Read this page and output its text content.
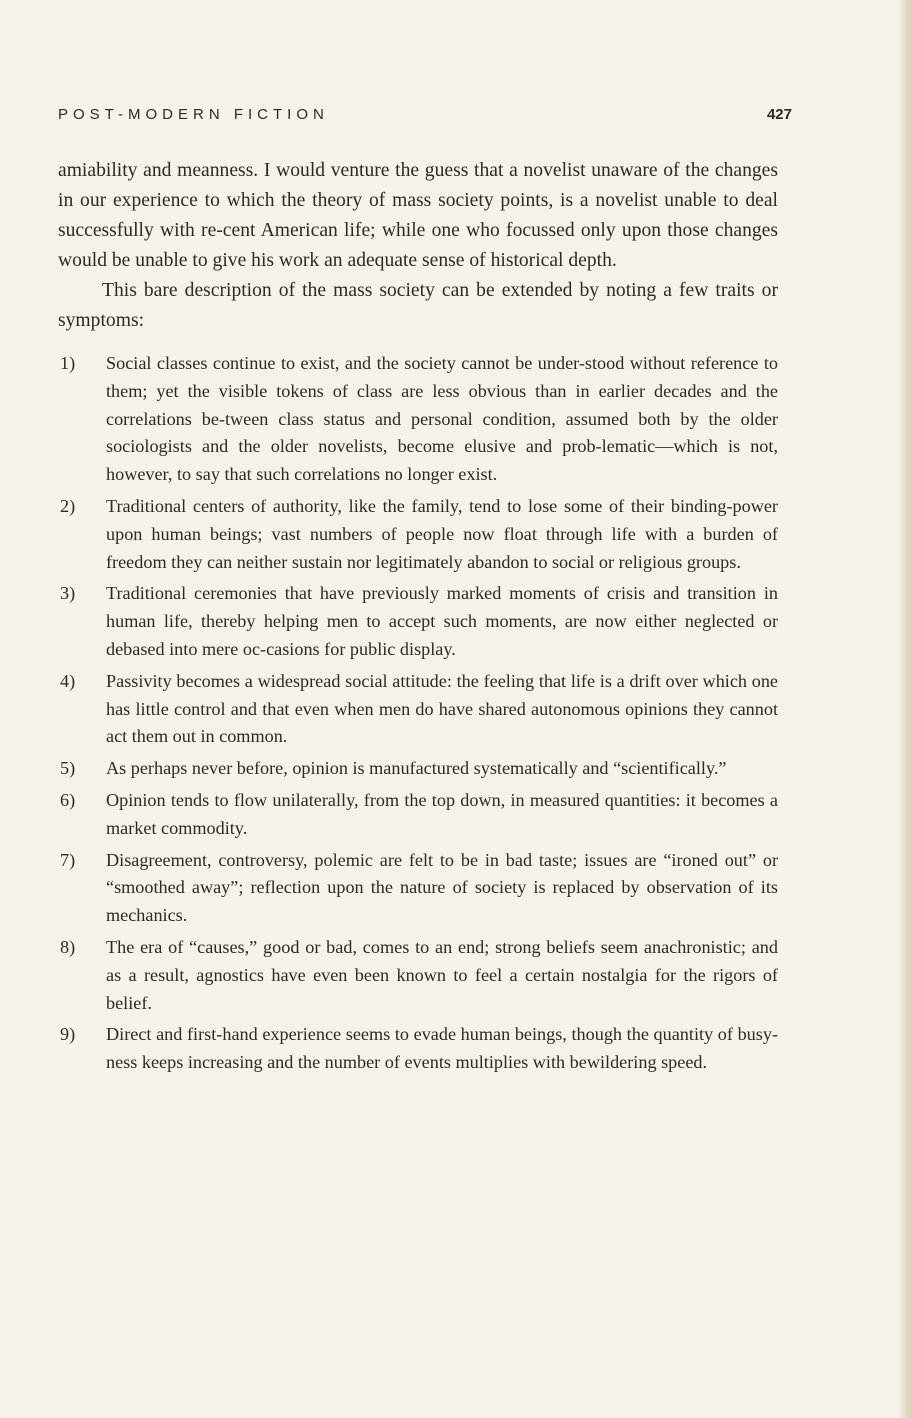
POST-MODERN FICTION	427

amiability and meanness. I would venture the guess that a novelist unaware of the changes in our experience to which the theory of mass society points, is a novelist unable to deal successfully with re-cent American life; while one who focussed only upon those changes would be unable to give his work an adequate sense of historical depth.

This bare description of the mass society can be extended by noting a few traits or symptoms:

1)	Social classes continue to exist, and the society cannot be under-stood without reference to them; yet the visible tokens of class are less obvious than in earlier decades and the correlations be-tween class status and personal condition, assumed both by the older sociologists and the older novelists, become elusive and prob-lematic—which is not, however, to say that such correlations no longer exist.
2)	Traditional centers of authority, like the family, tend to lose some of their binding-power upon human beings; vast numbers of people now float through life with a burden of freedom they can neither sustain nor legitimately abandon to social or religious groups.
3)	Traditional ceremonies that have previously marked moments of crisis and transition in human life, thereby helping men to accept such moments, are now either neglected or debased into mere oc-casions for public display.
4)	Passivity becomes a widespread social attitude: the feeling that life is a drift over which one has little control and that even when men do have shared autonomous opinions they cannot act them out in common.
5)	As perhaps never before, opinion is manufactured systematically and “scientifically.”
6)	Opinion tends to flow unilaterally, from the top down, in measured quantities: it becomes a market commodity.
7)	Disagreement, controversy, polemic are felt to be in bad taste; issues are “ironed out” or “smoothed away”; reflection upon the nature of society is replaced by observation of its mechanics.
8)	The era of “causes,” good or bad, comes to an end; strong beliefs seem anachronistic; and as a result, agnostics have even been known to feel a certain nostalgia for the rigors of belief.
9)	Direct and first-hand experience seems to evade human beings, though the quantity of busy-ness keeps increasing and the number of events multiplies with bewildering speed.
